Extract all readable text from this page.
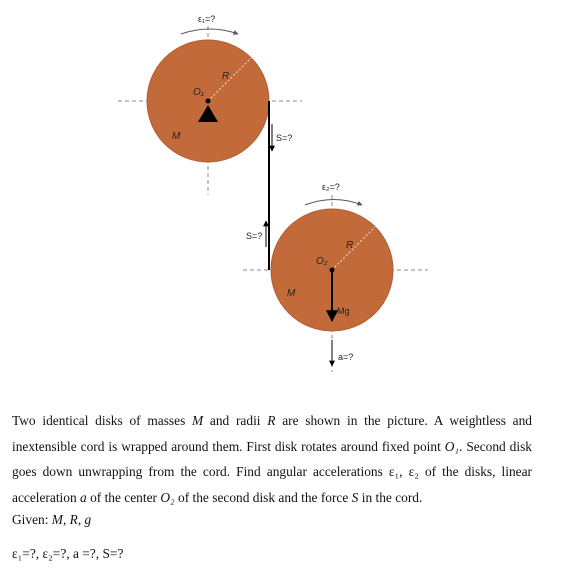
ε₁=?
R
O₁
M	S=?
S=?
ε₂=?
R
O₂
M
Mg
a=?

Two identical disks of masses M and radii R are shown in the picture. A weightless and inextensible cord is wrapped around them. First disk rotates around fixed point O₁. Second disk goes down unwrapping from the cord. Find angular accelerations ε₁, ε₂ of the disks, linear acceleration a of the center O₂ of the second disk and the force S in the cord.

Given: M, R, g

ε₁=?, ε₂=?, a =?, S=?
